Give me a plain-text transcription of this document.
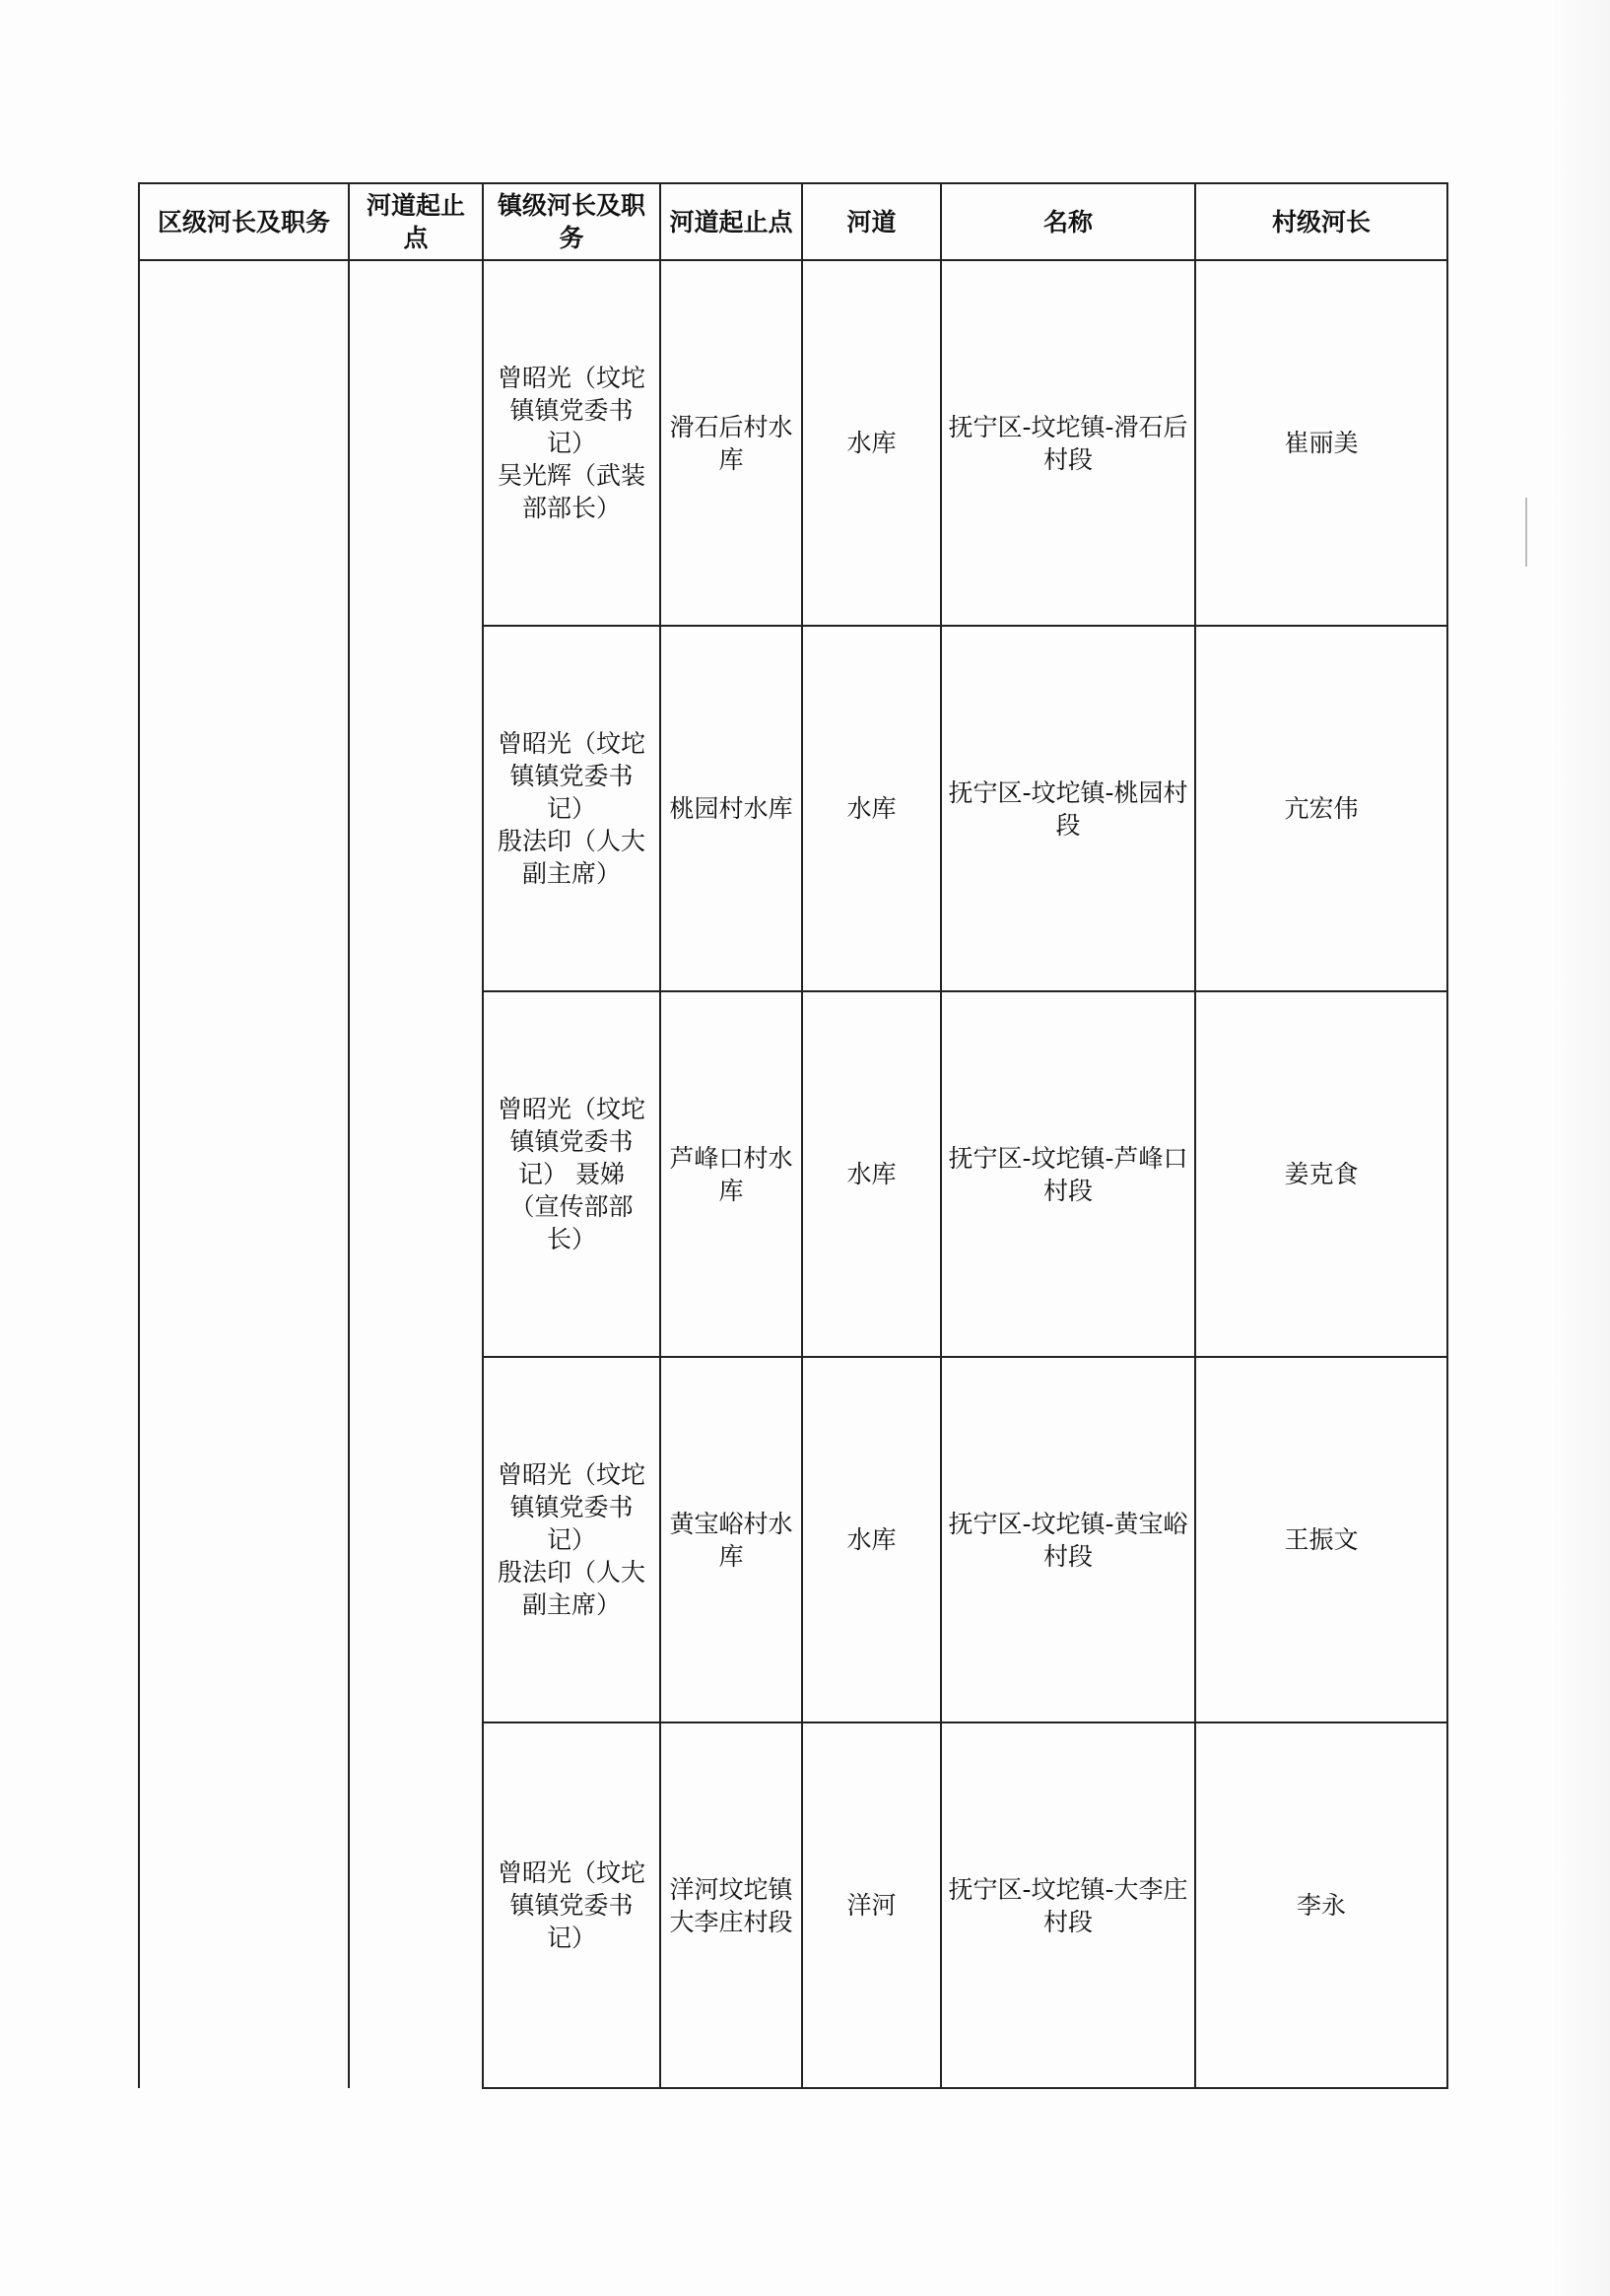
区级河长及职务	河道起止点	镇级河长及职务	河道起止点	河道	名称	村级河长

		曾昭光（坟坨
镇镇党委书
记）
吴光辉（武装
部部长）	滑石后村水库	水库	抚宁区-坟坨镇-滑石后村段	崔丽美

		曾昭光（坟坨
镇镇党委书
记）
殷法印（人大
副主席）	桃园村水库	水库	抚宁区-坟坨镇-桃园村段	亢宏伟

		曾昭光（坟坨
镇镇党委书
记） 聂娣
（宣传部部
长）	芦峰口村水库	水库	抚宁区-坟坨镇-芦峰口村段	姜克食

		曾昭光（坟坨
镇镇党委书
记）
殷法印（人大
副主席）	黄宝峪村水库	水库	抚宁区-坟坨镇-黄宝峪村段	王振文

		曾昭光（坟坨
镇镇党委书
记）	洋河坟坨镇大李庄村段	洋河	抚宁区-坟坨镇-大李庄村段	李永
